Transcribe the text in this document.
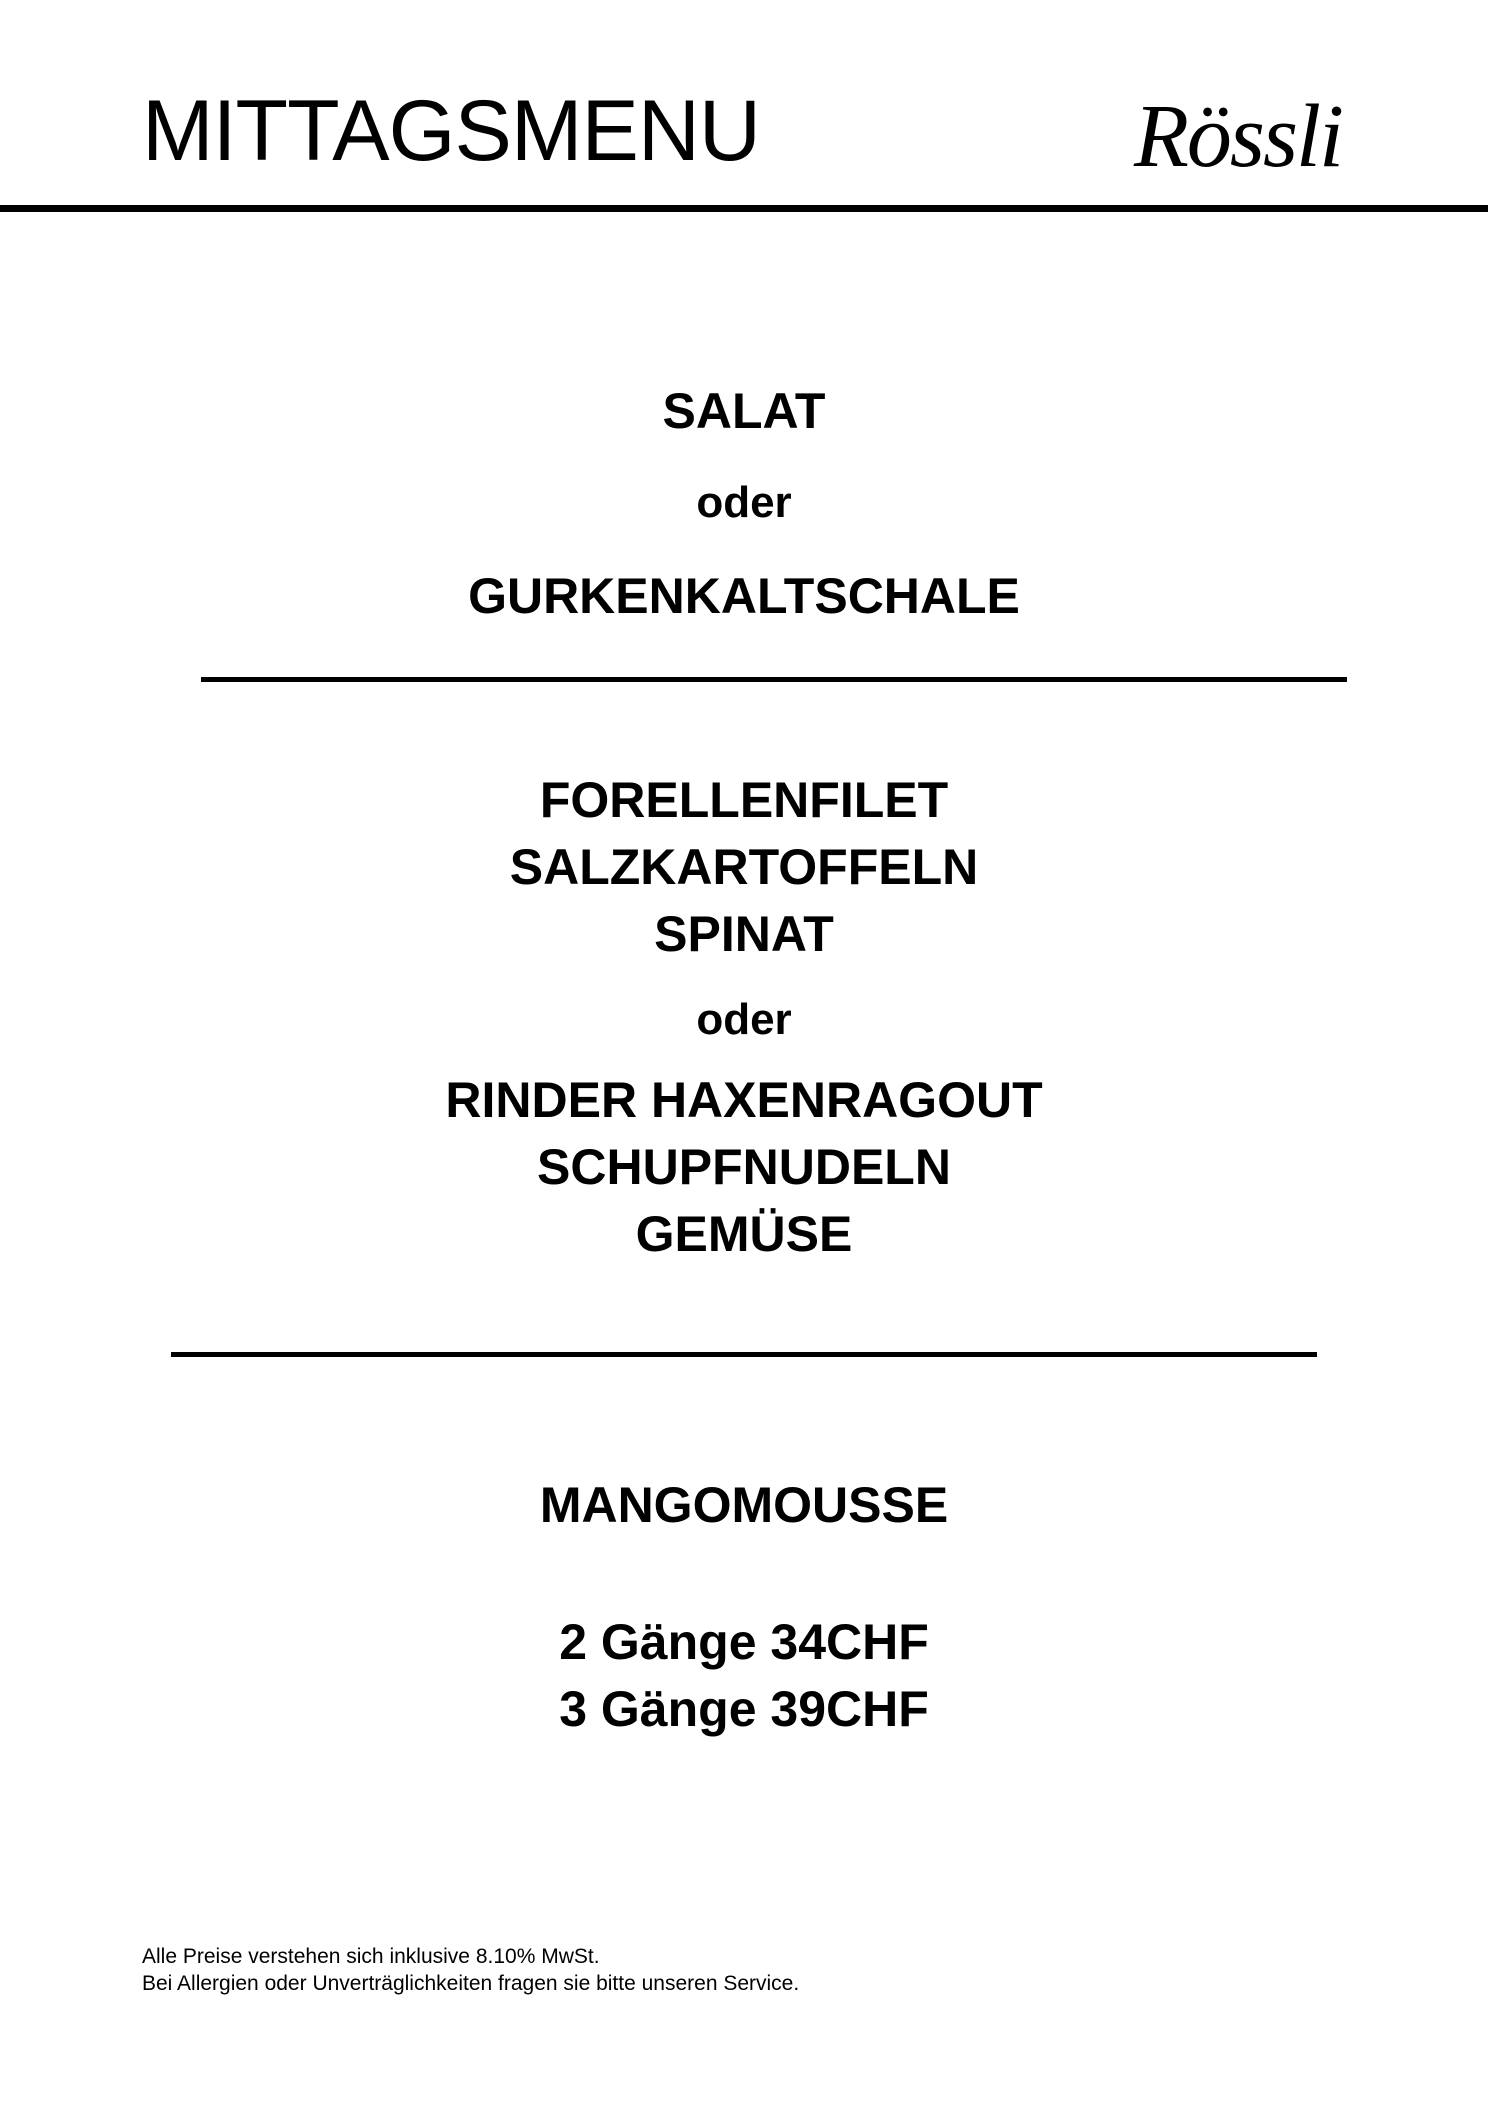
MITTAGSMENU	Rössli
SALAT
oder
GURKENKALTSCHALE
FORELLENFILET
SALZKARTOFFELN
SPINAT
oder
RINDER HAXENRAGOUT
SCHUPFNUDELN
GEMÜSE
MANGOMOUSSE
2 Gänge 34CHF
3 Gänge 39CHF
Alle Preise verstehen sich inklusive 8.10% MwSt.
Bei Allergien oder Unverträglichkeiten fragen sie bitte unseren Service.
